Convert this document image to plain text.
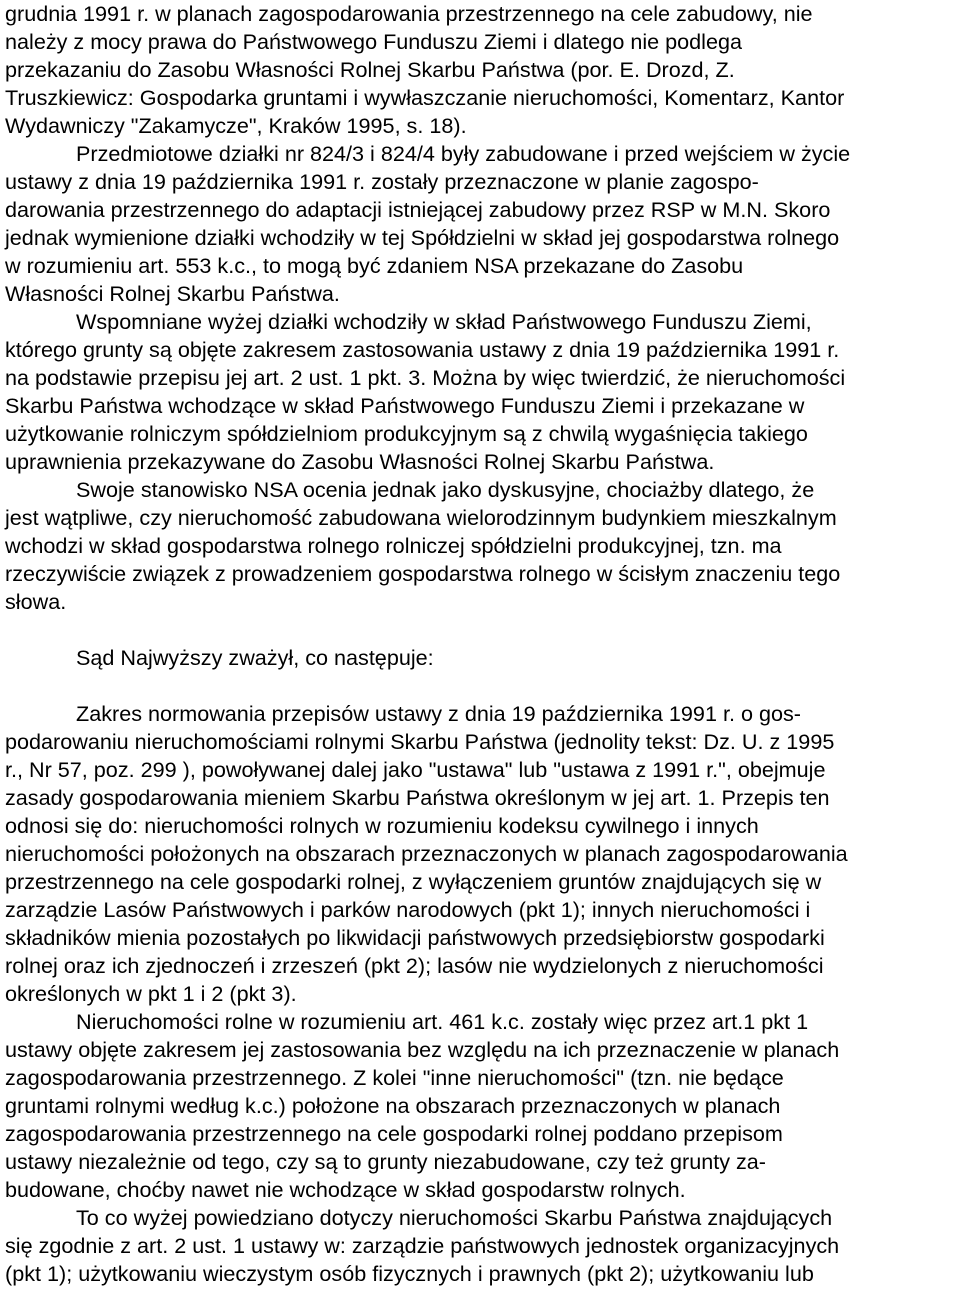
grudnia 1991 r. w planach zagospodarowania przestrzennego na cele zabudowy, nie
należy z mocy prawa do Państwowego Funduszu Ziemi i dlatego nie podlega
przekazaniu do Zasobu Własności Rolnej Skarbu Państwa (por. E. Drozd, Z.
Truszkiewicz: Gospodarka gruntami i wywłaszczanie nieruchomości, Komentarz, Kantor
Wydawniczy "Zakamycze", Kraków 1995, s. 18).
Przedmiotowe działki nr 824/3 i 824/4 były zabudowane i przed wejściem w życie
ustawy z dnia 19 października 1991 r. zostały przeznaczone w planie zagospo-
darowania przestrzennego do adaptacji istniejącej zabudowy przez RSP w M.N. Skoro
jednak wymienione działki wchodziły w tej Spółdzielni w skład jej gospodarstwa rolnego
w rozumieniu art. 553 k.c., to mogą być zdaniem NSA przekazane do Zasobu
Własności Rolnej Skarbu Państwa.
Wspomniane wyżej działki wchodziły w skład Państwowego Funduszu Ziemi,
którego grunty są objęte zakresem zastosowania ustawy z dnia 19 października 1991 r.
na podstawie przepisu jej art. 2 ust. 1 pkt. 3. Można by więc twierdzić, że nieruchomości
Skarbu Państwa wchodzące w skład Państwowego Funduszu Ziemi i przekazane w
użytkowanie rolniczym spółdzielniom produkcyjnym są z chwilą wygaśnięcia takiego
uprawnienia przekazywane do Zasobu Własności Rolnej Skarbu Państwa.
Swoje stanowisko NSA ocenia jednak jako dyskusyjne, chociażby dlatego, że
jest wątpliwe, czy nieruchomość zabudowana wielorodzinnym budynkiem mieszkalnym
wchodzi w skład gospodarstwa rolnego rolniczej spółdzielni produkcyjnej, tzn. ma
rzeczywiście związek z prowadzeniem gospodarstwa rolnego w ścisłym znaczeniu tego
słowa.
Sąd Najwyższy zważył, co następuje:
Zakres normowania przepisów ustawy z dnia 19 października 1991 r. o gos-
podarowaniu nieruchomościami rolnymi Skarbu Państwa (jednolity tekst: Dz. U. z 1995
r., Nr 57, poz. 299 ), powoływanej dalej jako "ustawa" lub "ustawa z 1991 r.", obejmuje
zasady gospodarowania mieniem Skarbu Państwa określonym w jej art. 1. Przepis ten
odnosi się do: nieruchomości rolnych w rozumieniu kodeksu cywilnego i innych
nieruchomości położonych na obszarach przeznaczonych w planach zagospodarowania
przestrzennego na cele gospodarki rolnej, z wyłączeniem gruntów znajdujących się w
zarządzie Lasów Państwowych i parków narodowych (pkt 1); innych nieruchomości i
składników mienia pozostałych po likwidacji państwowych przedsiębiorstw gospodarki
rolnej oraz ich zjednoczeń i zrzeszeń (pkt 2); lasów nie wydzielonych z nieruchomości
określonych w pkt 1 i 2 (pkt 3).
Nieruchomości rolne w rozumieniu art. 461 k.c. zostały więc przez art.1 pkt 1
ustawy objęte zakresem jej zastosowania bez względu na ich przeznaczenie w planach
zagospodarowania przestrzennego. Z kolei "inne nieruchomości" (tzn. nie będące
gruntami rolnymi według k.c.) położone na obszarach przeznaczonych w planach
zagospodarowania przestrzennego na cele gospodarki rolnej poddano przepisom
ustawy niezależnie od tego, czy są to grunty niezabudowane, czy też grunty za-
budowane, choćby nawet nie wchodzące w skład gospodarstw rolnych.
To co wyżej powiedziano dotyczy nieruchomości Skarbu Państwa znajdujących
się zgodnie z art. 2 ust. 1 ustawy w: zarządzie państwowych jednostek organizacyjnych
(pkt 1); użytkowaniu wieczystym osób fizycznych i prawnych (pkt 2); użytkowaniu lub
